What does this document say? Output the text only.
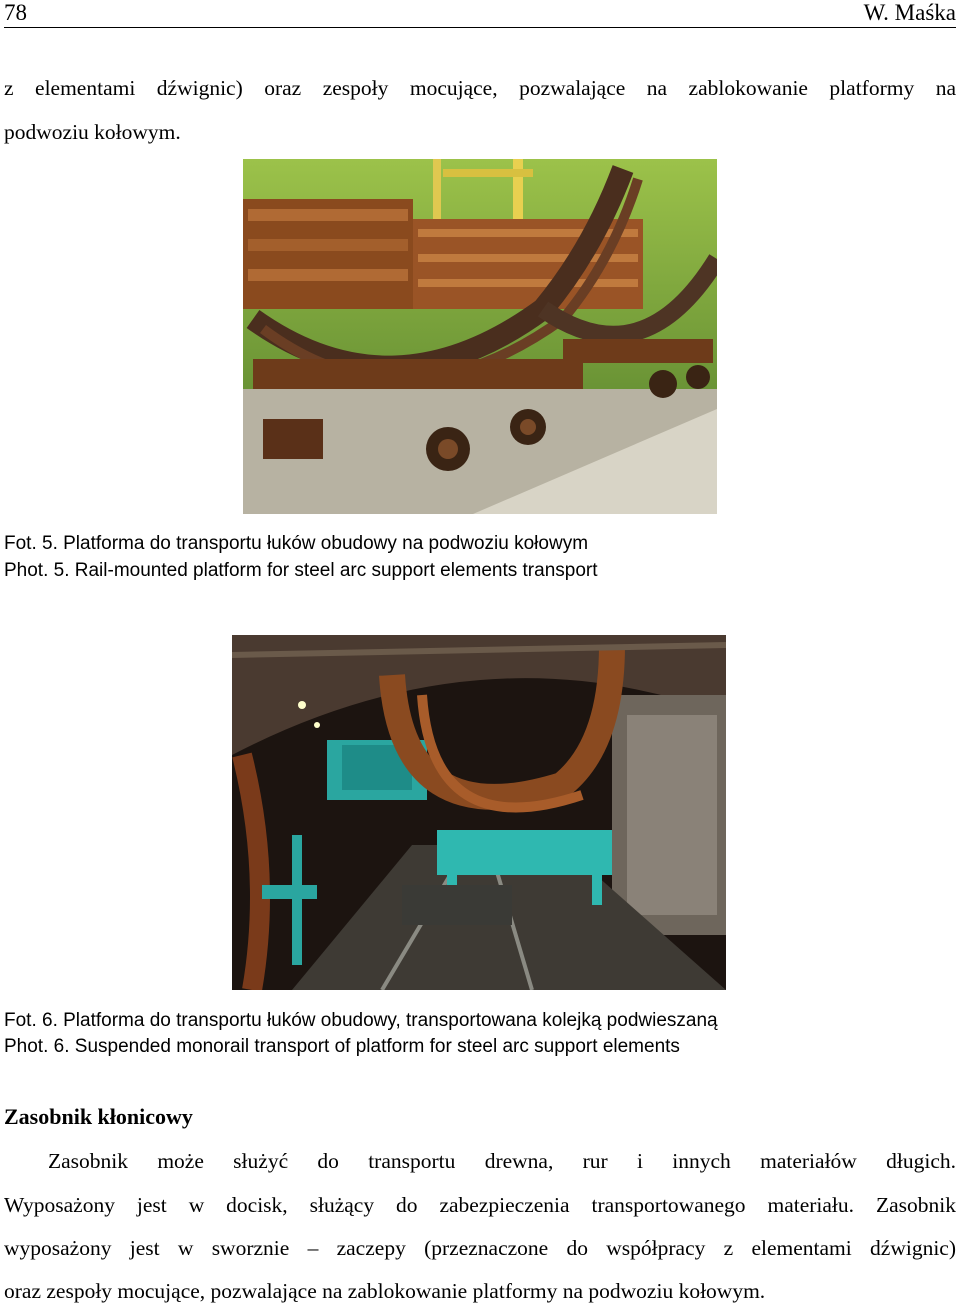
78	W. Maśka
z elementami dźwignic) oraz zespoły mocujące, pozwalające na zablokowanie platformy na
podwoziu kołowym.
Fot. 5. Platforma do transportu łuków obudowy na podwoziu kołowym
Phot. 5. Rail-mounted platform for steel arc support elements transport
Fot. 6. Platforma do transportu łuków obudowy, transportowana kolejką podwieszaną
Phot. 6. Suspended monorail transport of platform for steel arc support elements
Zasobnik kłonicowy
Zasobnik może służyć do transportu drewna, rur i innych materiałów długich.
Wyposażony jest w docisk, służący do zabezpieczenia transportowanego materiału. Zasobnik
wyposażony jest w sworznie – zaczepy (przeznaczone do współpracy z elementami dźwignic)
oraz zespoły mocujące, pozwalające na zablokowanie platformy na podwoziu kołowym.
